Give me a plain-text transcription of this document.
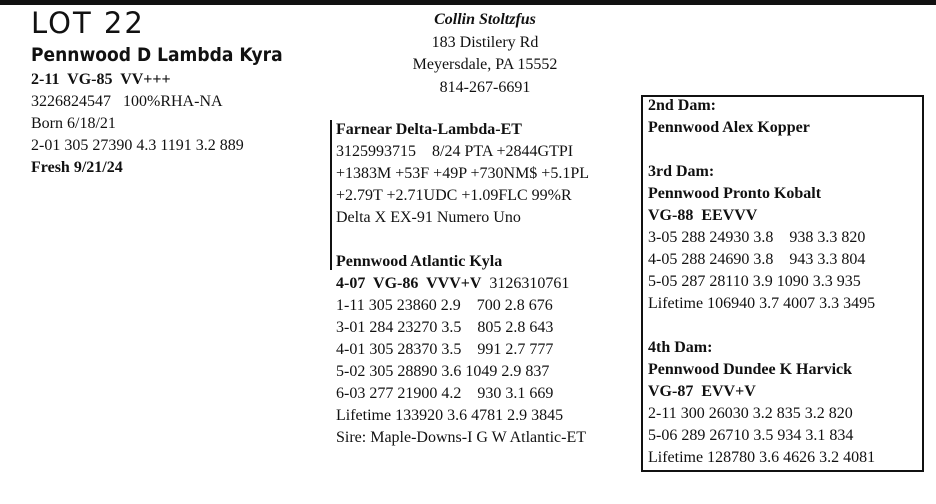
LOT 22
Pennwood D Lambda Kyra
2-11  VG-85  VV+++
3226824547   100%RHA-NA
Born 6/18/21
2-01 305 27390 4.3 1191 3.2 889
Fresh 9/21/24
Collin Stoltzfus
183 Distilery Rd
Meyersdale, PA 15552
814-267-6691
Farnear Delta-Lambda-ET
3125993715    8/24 PTA +2844GTPI
+1383M +53F +49P +730NM$ +5.1PL
+2.79T +2.71UDC +1.09FLC 99%R
Delta X EX-91 Numero Uno

Pennwood Atlantic Kyla
4-07  VG-86  VVV+V  3126310761
1-11 305 23860 2.9    700 2.8 676
3-01 284 23270 3.5    805 2.8 643
4-01 305 28370 3.5    991 2.7 777
5-02 305 28890 3.6 1049 2.9 837
6-03 277 21900 4.2    930 3.1 669
Lifetime 133920 3.6 4781 2.9 3845
Sire: Maple-Downs-I G W Atlantic-ET
2nd Dam:
Pennwood Alex Kopper

3rd Dam:
Pennwood Pronto Kobalt
VG-88  EEVVV
3-05 288 24930 3.8    938 3.3 820
4-05 288 24690 3.8    943 3.3 804
5-05 287 28110 3.9 1090 3.3 935
Lifetime 106940 3.7 4007 3.3 3495

4th Dam:
Pennwood Dundee K Harvick
VG-87  EVV+V
2-11 300 26030 3.2 835 3.2 820
5-06 289 26710 3.5 934 3.1 834
Lifetime 128780 3.6 4626 3.2 4081
